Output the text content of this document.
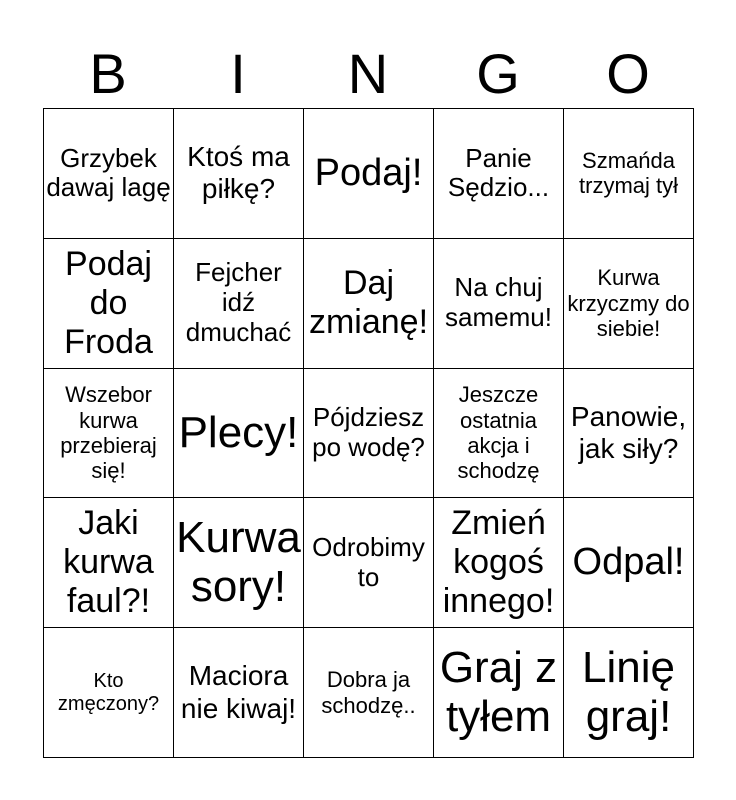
B	I	N	G	O
Grzybek dawaj lagę	Ktoś ma piłkę?	Podaj!	Panie Sędzio...	Szmańda trzymaj tył
Podaj do Froda	Fejcher idź dmuchać	Daj zmianę!	Na chuj samemu!	Kurwa krzyczmy do siebie!
Wszebor kurwa przebieraj się!	Plecy!	Pójdziesz po wodę?	Jeszcze ostatnia akcja i schodzę	Panowie, jak siły?
Jaki kurwa faul?!	Kurwa sory!	Odrobimy to	Zmień kogoś innego!	Odpal!
Kto zmęczony?	Maciora nie kiwaj!	Dobra ja schodzę..	Graj z tyłem	Linię graj!
